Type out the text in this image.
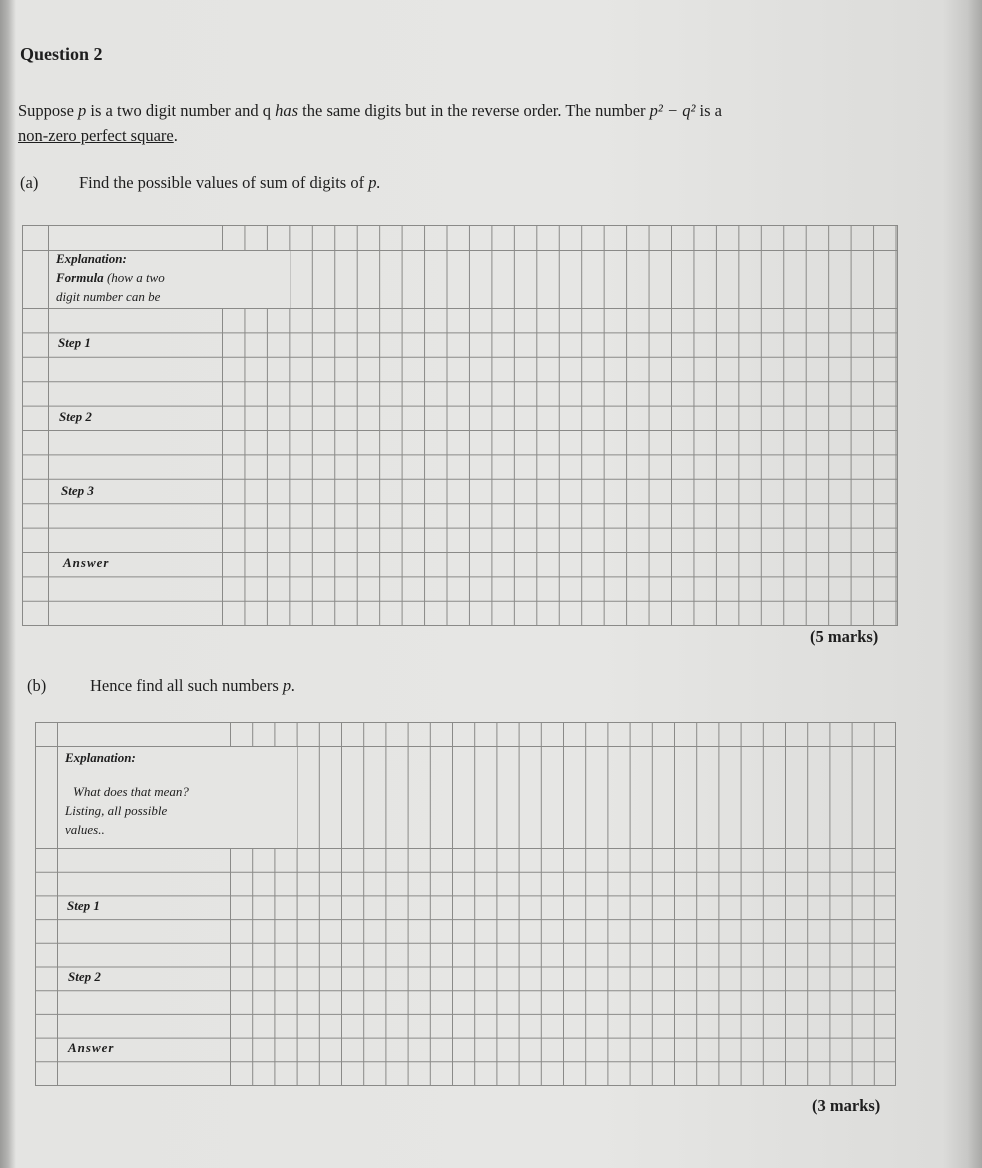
Question 2
Suppose p is a two digit number and q has the same digits but in the reverse order. The number p² − q² is a
non-zero perfect square.
(a) Find the possible values of sum of digits of p.
Explanation:
Formula (how a two
digit number can be
Step 1
Step 2
Step 3
Answer
(5 marks)
(b)	Hence find all such numbers p.
Explanation:
What does that mean?
Listing, all possible
values..
Step 1
Step 2
Answer
(3 marks)
